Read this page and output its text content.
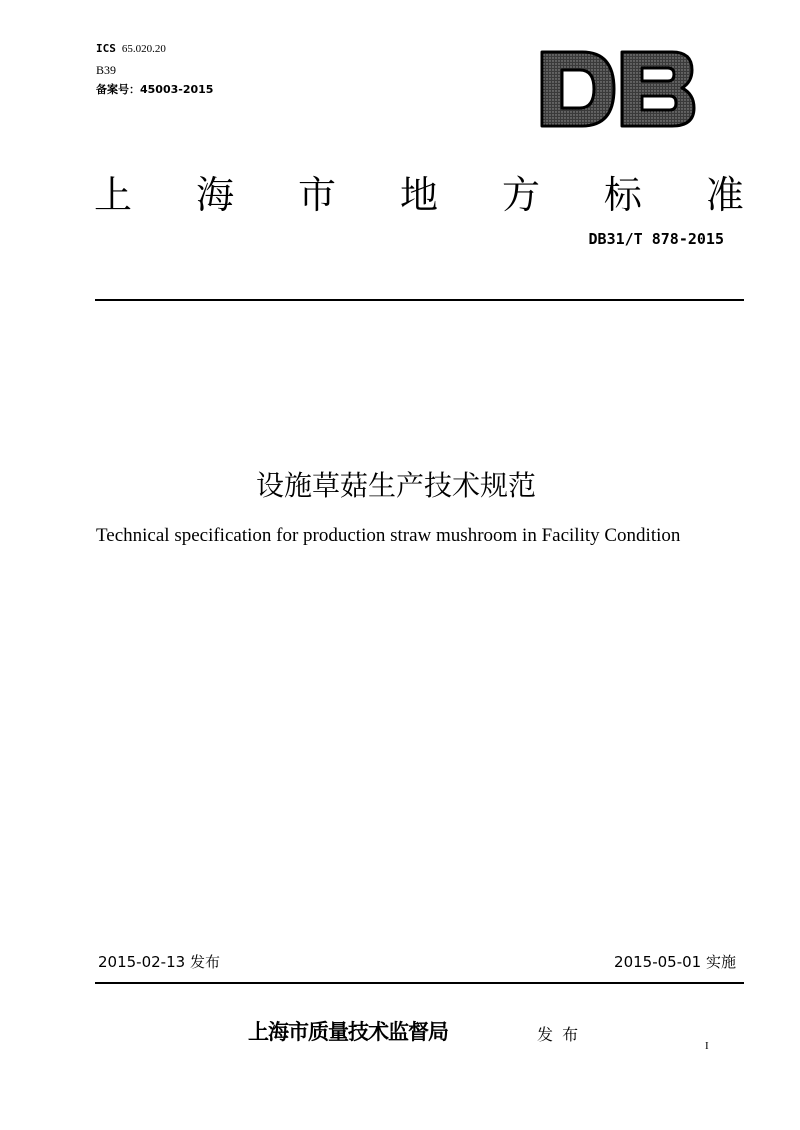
ICS 65.020.20
B39
备案号：45003-2015
上 海 市 地 方 标 准
DB31/T 878-2015
设施草菇生产技术规范
Technical specification for production straw mushroom in Facility Condition
2015-02-13 发布	2015-05-01 实施
上海市质量技术监督局	发 布
I
